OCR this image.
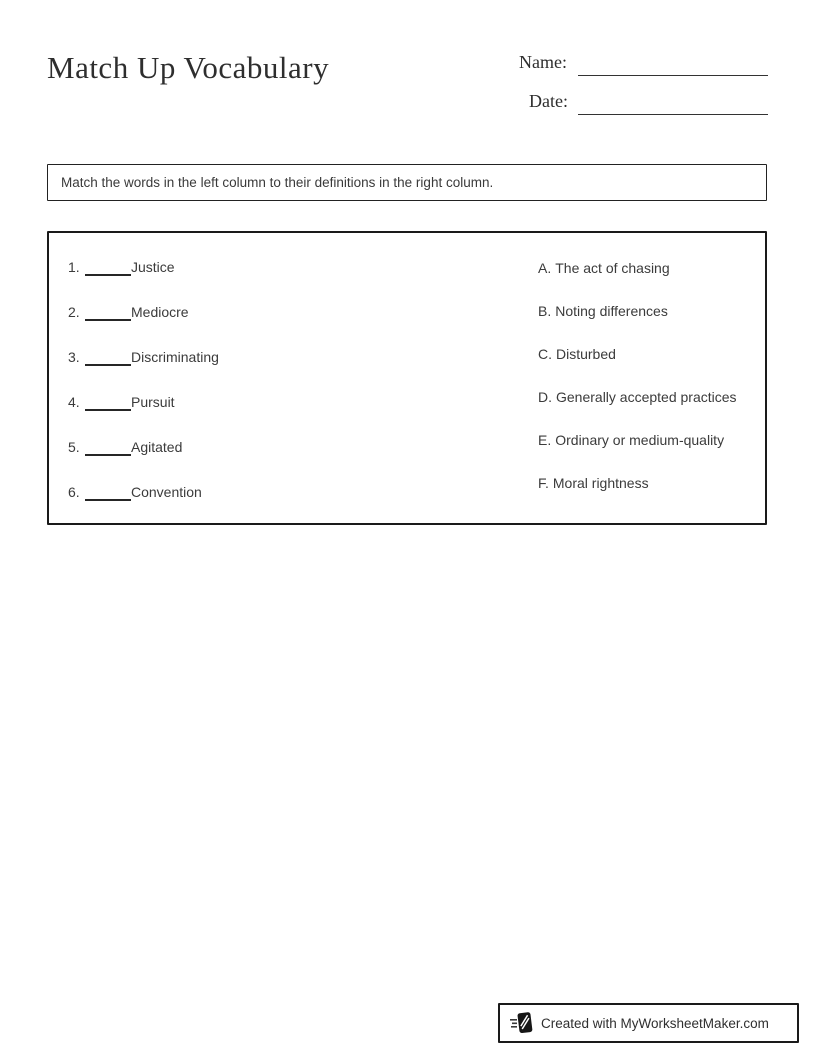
Match Up Vocabulary	Name:
Date:
Match the words in the left column to their definitions in the right column.
1.	Justice
2.	Mediocre
3.	Discriminating
4.	Pursuit
5.	Agitated
6.	Convention
A. The act of chasing
B. Noting differences
C. Disturbed
D. Generally accepted practices
E. Ordinary or medium-quality
F. Moral rightness
Created with MyWorksheetMaker.com
